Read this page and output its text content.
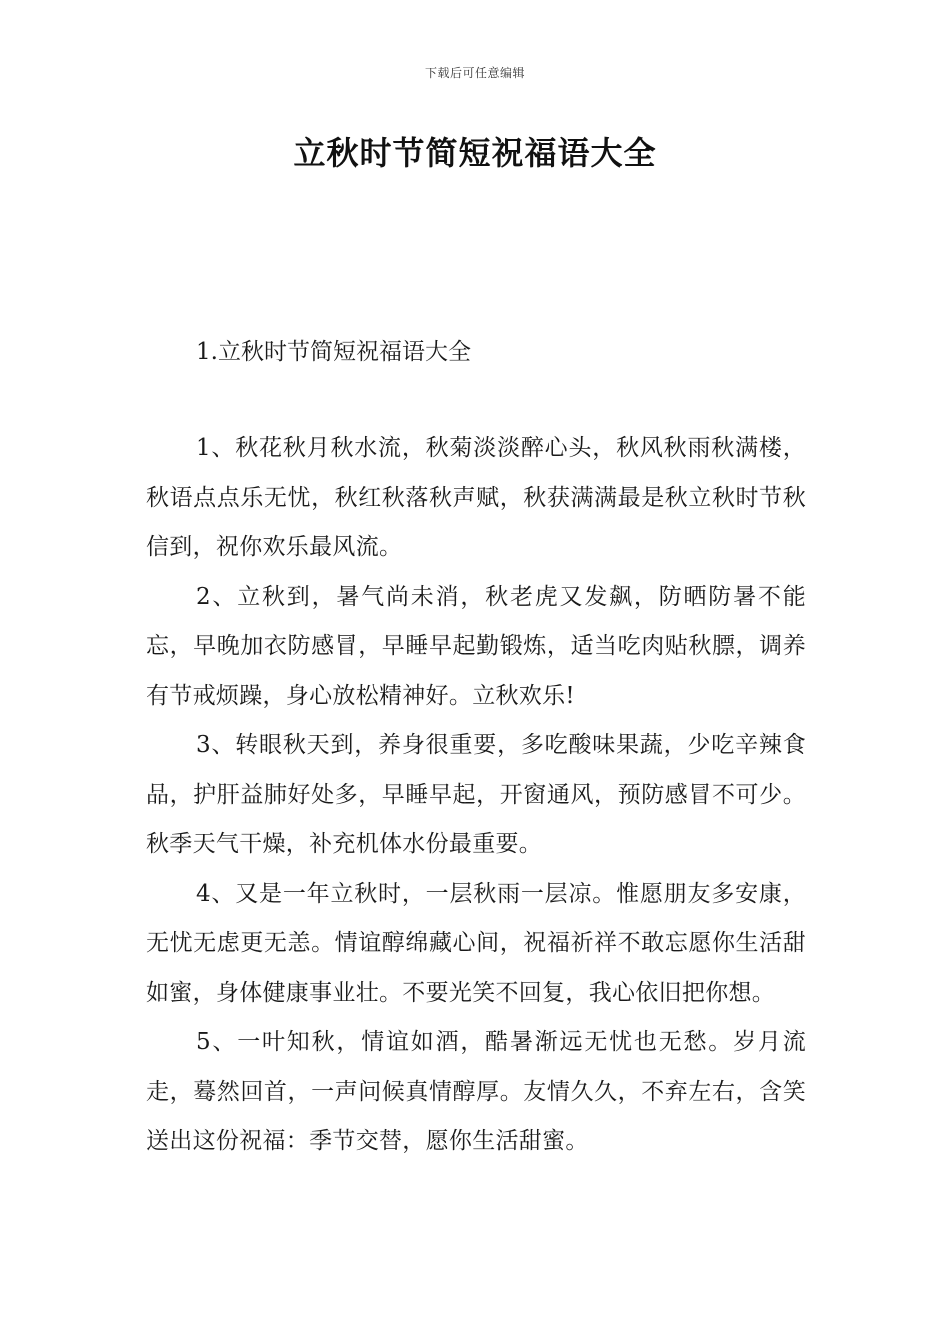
下载后可任意编辑
立秋时节简短祝福语大全

1.立秋时节简短祝福语大全

1、秋花秋月秋水流，秋菊淡淡醉心头，秋风秋雨秋满楼，秋语点点乐无忧，秋红秋落秋声赋，秋获满满最是秋立秋时节秋信到，祝你欢乐最风流。

2、立秋到，暑气尚未消，秋老虎又发飙，防晒防暑不能忘，早晚加衣防感冒，早睡早起勤锻炼，适当吃肉贴秋膘，调养有节戒烦躁，身心放松精神好。立秋欢乐!

3、转眼秋天到，养身很重要，多吃酸味果蔬，少吃辛辣食品，护肝益肺好处多，早睡早起，开窗通风，预防感冒不可少。秋季天气干燥，补充机体水份最重要。

4、又是一年立秋时，一层秋雨一层凉。惟愿朋友多安康，无忧无虑更无恙。情谊醇绵藏心间，祝福祈祥不敢忘愿你生活甜如蜜，身体健康事业壮。不要光笑不回复，我心依旧把你想。

5、一叶知秋，情谊如酒，酷暑渐远无忧也无愁。岁月流走，蓦然回首，一声问候真情醇厚。友情久久，不弃左右，含笑送出这份祝福：季节交替，愿你生活甜蜜。
